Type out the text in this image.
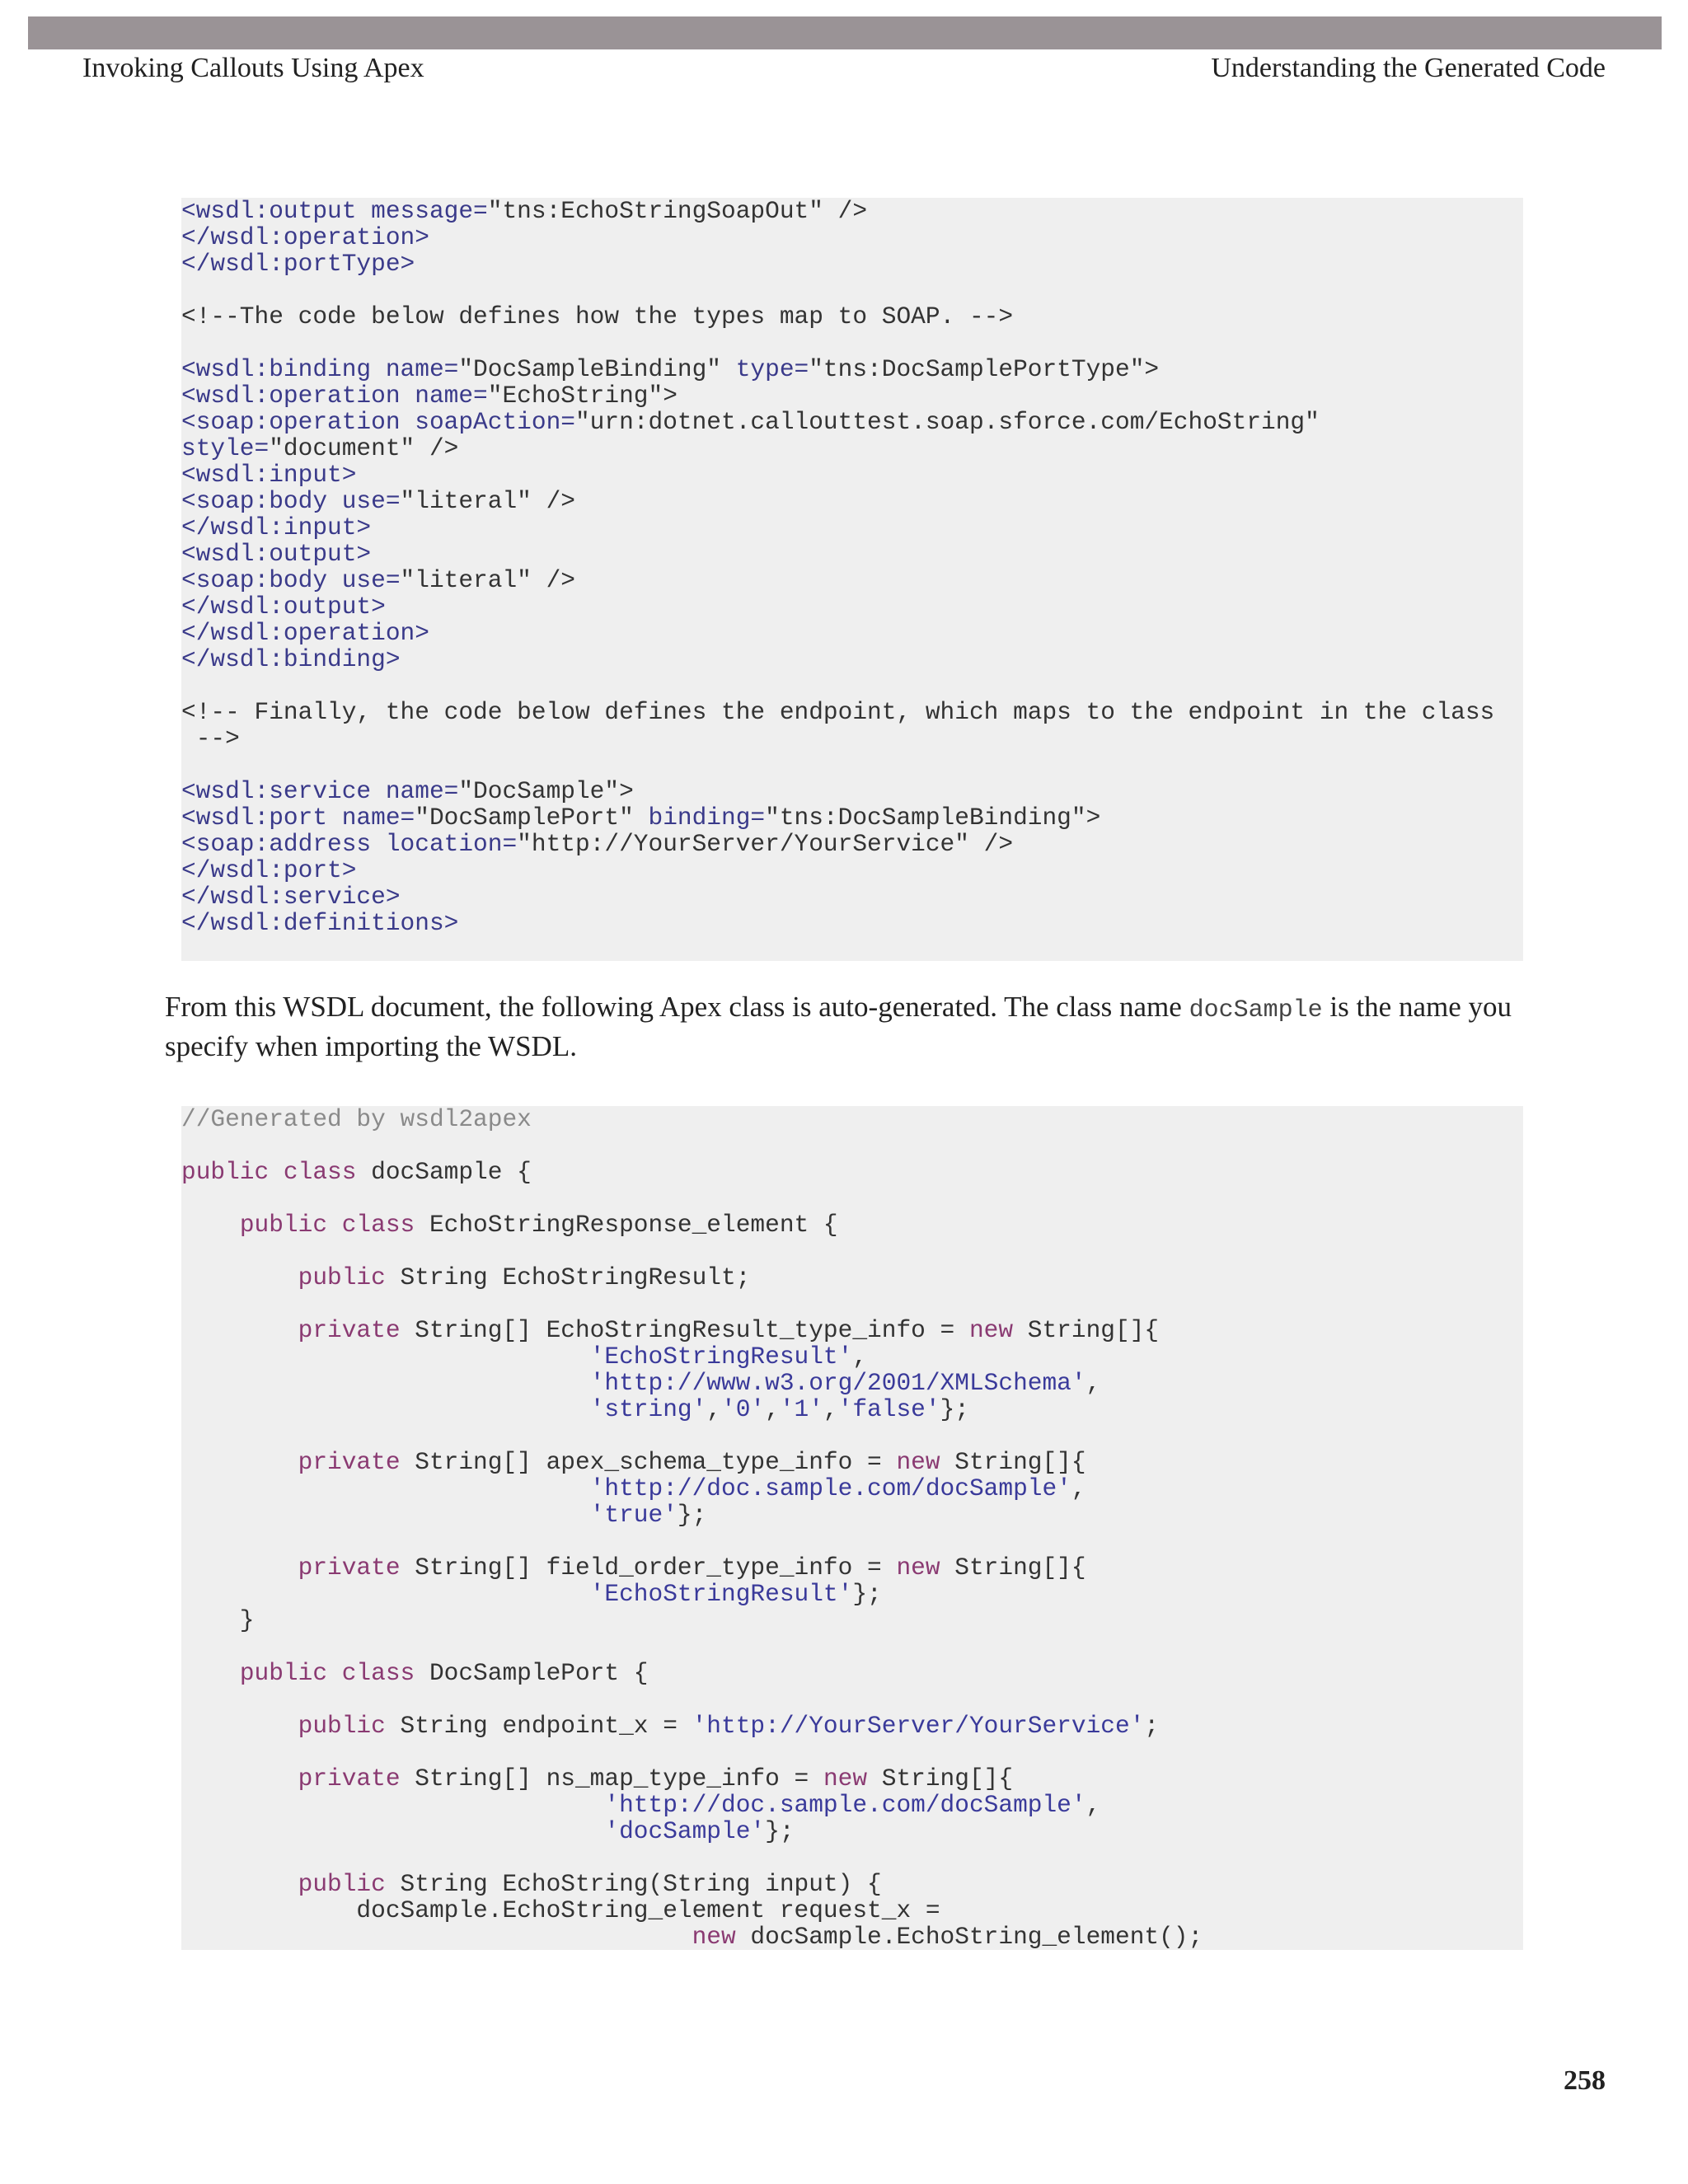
Invoking Callouts Using Apex	Understanding the Generated Code
<wsdl:output message="tns:EchoStringSoapOut" />
</wsdl:operation>
</wsdl:portType>
<!--The code below defines how the types map to SOAP. -->
<wsdl:binding name="DocSampleBinding" type="tns:DocSamplePortType">
<wsdl:operation name="EchoString">
<soap:operation soapAction="urn:dotnet.callouttest.soap.sforce.com/EchoString"
style="document" />
<wsdl:input>
<soap:body use="literal" />
</wsdl:input>
<wsdl:output>
<soap:body use="literal" />
</wsdl:output>
</wsdl:operation>
</wsdl:binding>
<!-- Finally, the code below defines the endpoint, which maps to the endpoint in the class
-->
<wsdl:service name="DocSample">
<wsdl:port name="DocSamplePort" binding="tns:DocSampleBinding">
<soap:address location="http://YourServer/YourService" />
</wsdl:port>
</wsdl:service>
</wsdl:definitions>
From this WSDL document, the following Apex class is auto-generated. The class name docSample is the name you specify when importing the WSDL.
//Generated by wsdl2apex
public class docSample {
public class EchoStringResponse_element {
public String EchoStringResult;
private String[] EchoStringResult_type_info = new String[]{
'EchoStringResult',
'http://www.w3.org/2001/XMLSchema',
'string','0','1','false'};
private String[] apex_schema_type_info = new String[]{
'http://doc.sample.com/docSample',
'true'};
private String[] field_order_type_info = new String[]{
'EchoStringResult'};
}
public class DocSamplePort {
public String endpoint_x = 'http://YourServer/YourService';
private String[] ns_map_type_info = new String[]{
'http://doc.sample.com/docSample',
'docSample'};
public String EchoString(String input) {
docSample.EchoString_element request_x =
new docSample.EchoString_element();
258
